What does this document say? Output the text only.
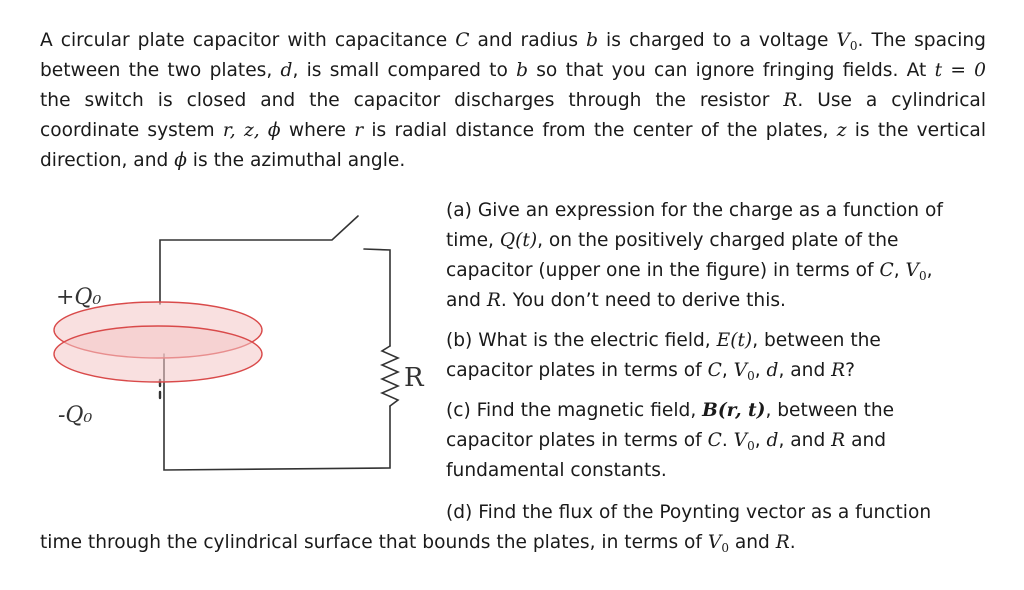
A circular plate capacitor with capacitance C and radius b is charged to a voltage $V_0$. The spacing
between the two plates, d, is small compared to b so that you can ignore fringing fields. At t = 0
the switch is closed and the capacitor discharges through the resistor R. Use a cylindrical
coordinate system r, z, ϕ where r is radial distance from the center of the plates, z is the vertical
direction, and ϕ is the azimuthal angle.
+Q₀
-Q₀
R
(a) Give an expression for the charge as a function of
time, Q(t), on the positively charged plate of the
capacitor (upper one in the figure) in terms of C, $V_0$,
and R. You don’t need to derive this.
(b) What is the electric field, E(t), between the
capacitor plates in terms of C, $V_0$, d, and R?
(c) Find the magnetic field, B(r, t), between the
capacitor plates in terms of C. $V_0$, d, and R and
fundamental constants.
(d) Find the flux of the Poynting vector as a function
time through the cylindrical surface that bounds the plates, in terms of $V_0$ and R.
